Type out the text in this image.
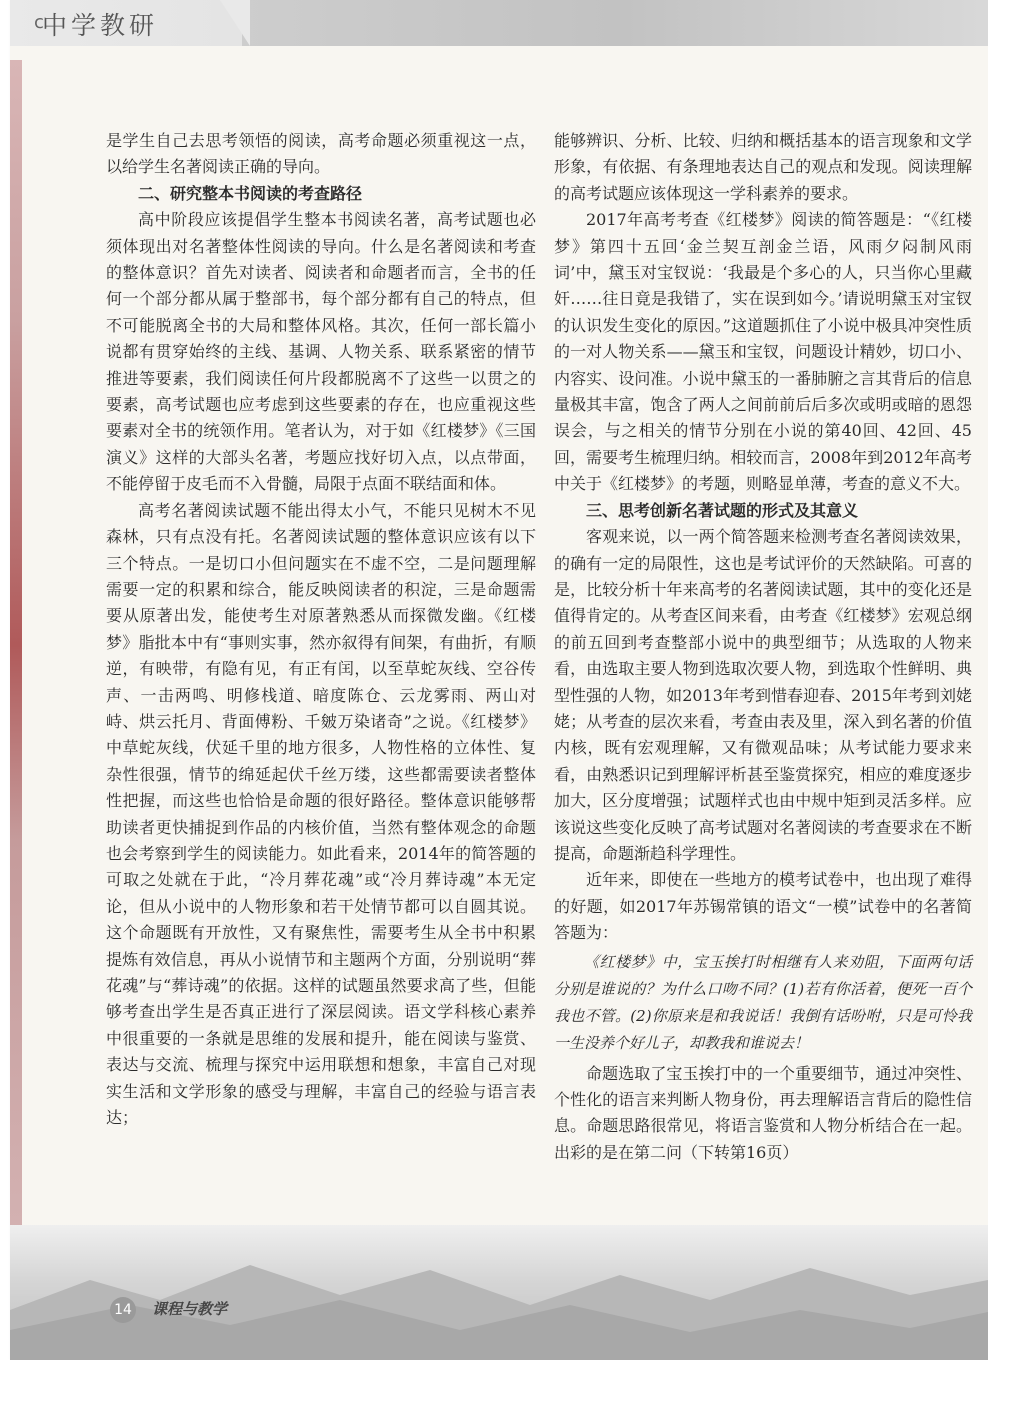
c
中学教研

是学生自己去思考领悟的阅读，高考命题必须重视这一点，以给学生名著阅读正确的导向。

二、研究整本书阅读的考查路径

高中阶段应该提倡学生整本书阅读名著，高考试题也必须体现出对名著整体性阅读的导向。什么是名著阅读和考查的整体意识？首先对读者、阅读者和命题者而言，全书的任何一个部分都从属于整部书，每个部分都有自己的特点，但不可能脱离全书的大局和整体风格。其次，任何一部长篇小说都有贯穿始终的主线、基调、人物关系、联系紧密的情节推进等要素，我们阅读任何片段都脱离不了这些一以贯之的要素，高考试题也应考虑到这些要素的存在，也应重视这些要素对全书的统领作用。笔者认为，对于如《红楼梦》《三国演义》这样的大部头名著，考题应找好切入点，以点带面，不能停留于皮毛而不入骨髓，局限于点面不联结面和体。

高考名著阅读试题不能出得太小气，不能只见树木不见森林，只有点没有托。名著阅读试题的整体意识应该有以下三个特点。一是切口小但问题实在不虚不空，二是问题理解需要一定的积累和综合，能反映阅读者的积淀，三是命题需要从原著出发，能使考生对原著熟悉从而探微发幽。《红楼梦》脂批本中有“事则实事，然亦叙得有间架，有曲折，有顺逆，有映带，有隐有见，有正有闰，以至草蛇灰线、空谷传声、一击两鸣、明修栈道、暗度陈仓、云龙雾雨、两山对峙、烘云托月、背面傅粉、千皴万染诸奇”之说。《红楼梦》中草蛇灰线，伏延千里的地方很多，人物性格的立体性、复杂性很强，情节的绵延起伏千丝万缕，这些都需要读者整体性把握，而这些也恰恰是命题的很好路径。整体意识能够帮助读者更快捕捉到作品的内核价值，当然有整体观念的命题也会考察到学生的阅读能力。如此看来，2014年的简答题的可取之处就在于此，“冷月葬花魂”或“冷月葬诗魂”本无定论，但从小说中的人物形象和若干处情节都可以自圆其说。这个命题既有开放性，又有聚焦性，需要考生从全书中积累提炼有效信息，再从小说情节和主题两个方面，分别说明“葬花魂”与“葬诗魂”的依据。这样的试题虽然要求高了些，但能够考查出学生是否真正进行了深层阅读。语文学科核心素养中很重要的一条就是思维的发展和提升，能在阅读与鉴赏、表达与交流、梳理与探究中运用联想和想象，丰富自己对现实生活和文学形象的感受与理解，丰富自己的经验与语言表达；

能够辨识、分析、比较、归纳和概括基本的语言现象和文学形象，有依据、有条理地表达自己的观点和发现。阅读理解的高考试题应该体现这一学科素养的要求。

2017年高考考查《红楼梦》阅读的简答题是：“《红楼梦》第四十五回‘金兰契互剖金兰语，风雨夕闷制风雨词’中，黛玉对宝钗说：‘我最是个多心的人，只当你心里藏奸……往日竟是我错了，实在误到如今。’请说明黛玉对宝钗的认识发生变化的原因。”这道题抓住了小说中极具冲突性质的一对人物关系——黛玉和宝钗，问题设计精妙，切口小、内容实、设问准。小说中黛玉的一番肺腑之言其背后的信息量极其丰富，饱含了两人之间前前后后多次或明或暗的恩怨误会，与之相关的情节分别在小说的第40回、42回、45回，需要考生梳理归纳。相较而言，2008年到2012年高考中关于《红楼梦》的考题，则略显单薄，考查的意义不大。

三、思考创新名著试题的形式及其意义

客观来说，以一两个简答题来检测考查名著阅读效果，的确有一定的局限性，这也是考试评价的天然缺陷。可喜的是，比较分析十年来高考的名著阅读试题，其中的变化还是值得肯定的。从考查区间来看，由考查《红楼梦》宏观总纲的前五回到考查整部小说中的典型细节；从选取的人物来看，由选取主要人物到选取次要人物，到选取个性鲜明、典型性强的人物，如2013年考到惜春迎春、2015年考到刘姥姥；从考查的层次来看，考查由表及里，深入到名著的价值内核，既有宏观理解，又有微观品味；从考试能力要求来看，由熟悉识记到理解评析甚至鉴赏探究，相应的难度逐步加大，区分度增强；试题样式也由中规中矩到灵活多样。应该说这些变化反映了高考试题对名著阅读的考查要求在不断提高，命题渐趋科学理性。

近年来，即使在一些地方的模考试卷中，也出现了难得的好题，如2017年苏锡常镇的语文“一模”试卷中的名著简答题为：

《红楼梦》中，宝玉挨打时相继有人来劝阻，下面两句话分别是谁说的？为什么口吻不同？(1)若有你活着，便死一百个我也不管。(2)你原来是和我说话！我倒有话吩咐，只是可怜我一生没养个好儿子，却教我和谁说去！

命题选取了宝玉挨打中的一个重要细节，通过冲突性、个性化的语言来判断人物身份，再去理解语言背后的隐性信息。命题思路很常见，将语言鉴赏和人物分析结合在一起。出彩的是在第二问（下转第16页）

14 课程与教学
